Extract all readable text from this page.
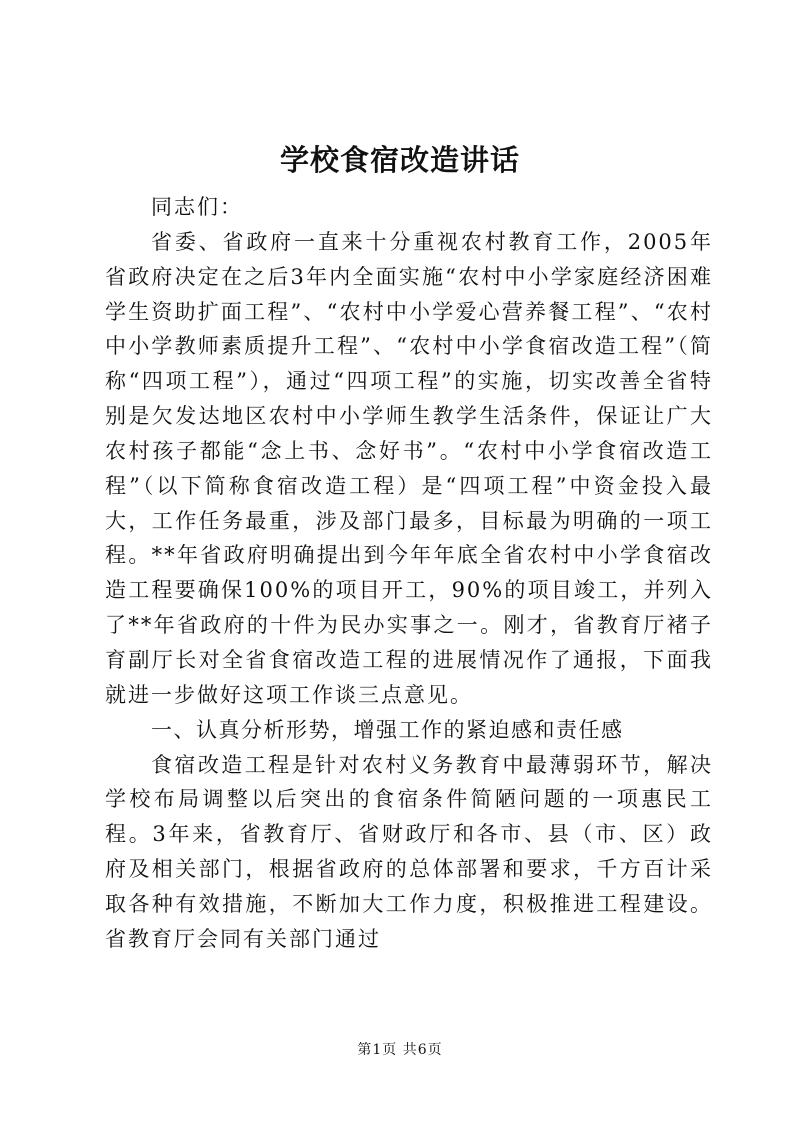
学校食宿改造讲话

同志们：

省委、省政府一直来十分重视农村教育工作，2005年省政府决定在之后3年内全面实施“农村中小学家庭经济困难学生资助扩面工程”、“农村中小学爱心营养餐工程”、“农村中小学教师素质提升工程”、“农村中小学食宿改造工程”（简称“四项工程”），通过“四项工程”的实施，切实改善全省特别是欠发达地区农村中小学师生教学生活条件，保证让广大农村孩子都能“念上书、念好书”。“农村中小学食宿改造工程”（以下简称食宿改造工程）是“四项工程”中资金投入最大，工作任务最重，涉及部门最多，目标最为明确的一项工程。**年省政府明确提出到今年年底全省农村中小学食宿改造工程要确保100%的项目开工，90%的项目竣工，并列入了**年省政府的十件为民办实事之一。刚才，省教育厅褚子育副厅长对全省食宿改造工程的进展情况作了通报，下面我就进一步做好这项工作谈三点意见。

一、认真分析形势，增强工作的紧迫感和责任感

食宿改造工程是针对农村义务教育中最薄弱环节，解决学校布局调整以后突出的食宿条件简陋问题的一项惠民工程。3年来，省教育厅、省财政厅和各市、县（市、区）政府及相关部门，根据省政府的总体部署和要求，千方百计采取各种有效措施，不断加大工作力度，积极推进工程建设。省教育厅会同有关部门通过

第1页 共6页
